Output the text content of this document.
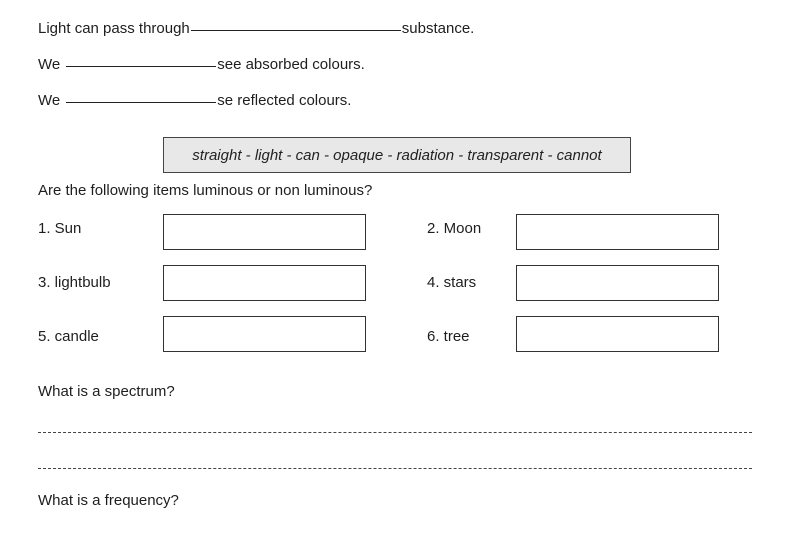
Light can pass through	substance.
We	see absorbed colours.
We	se reflected colours.
straight - light - can - opaque - radiation - transparent - cannot
Are the following items luminous or non luminous?
1. Sun	2. Moon
3. lightbulb	4. stars
5. candle	6. tree
What is a spectrum?
What is a frequency?
